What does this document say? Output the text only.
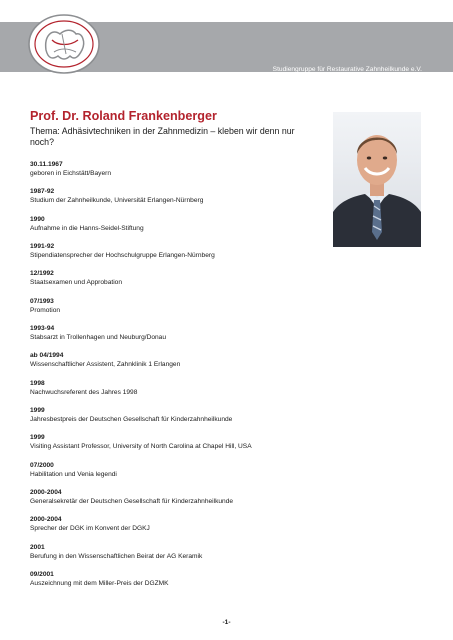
Studiengruppe für Restaurative Zahnheilkunde e.V.
Die Zahnarztgruppe
Prof. Dr. Roland Frankenberger
Thema: Adhäsivtechniken in der Zahnmedizin – kleben wir denn nur noch?
30.11.1967
geboren in Eichstätt/Bayern
1987-92
Studium der Zahnheilkunde, Universität Erlangen-Nürnberg
1990
Aufnahme in die Hanns-Seidel-Stiftung
1991-92
Stipendiatensprecher der Hochschulgruppe Erlangen-Nürnberg
12/1992
Staatsexamen und Approbation
07/1993
Promotion
1993-94
Stabsarzt in Trollenhagen und Neuburg/Donau
ab 04/1994
Wissenschaftlicher Assistent, Zahnklinik 1 Erlangen
1998
Nachwuchsreferent des Jahres 1998
1999
Jahresbestpreis der Deutschen Gesellschaft für Kinderzahnheilkunde
1999
Visiting Assistant Professor, University of North Carolina at Chapel Hill, USA
07/2000
Habilitation und Venia legendi
2000-2004
Generalsekretär der Deutschen Gesellschaft für Kinderzahnheilkunde
2000-2004
Sprecher der DGK im Konvent der DGKJ
2001
Berufung in den Wissenschaftlichen Beirat der AG Keramik
09/2001
Auszeichnung mit dem Miller-Preis der DGZMK
-1-
